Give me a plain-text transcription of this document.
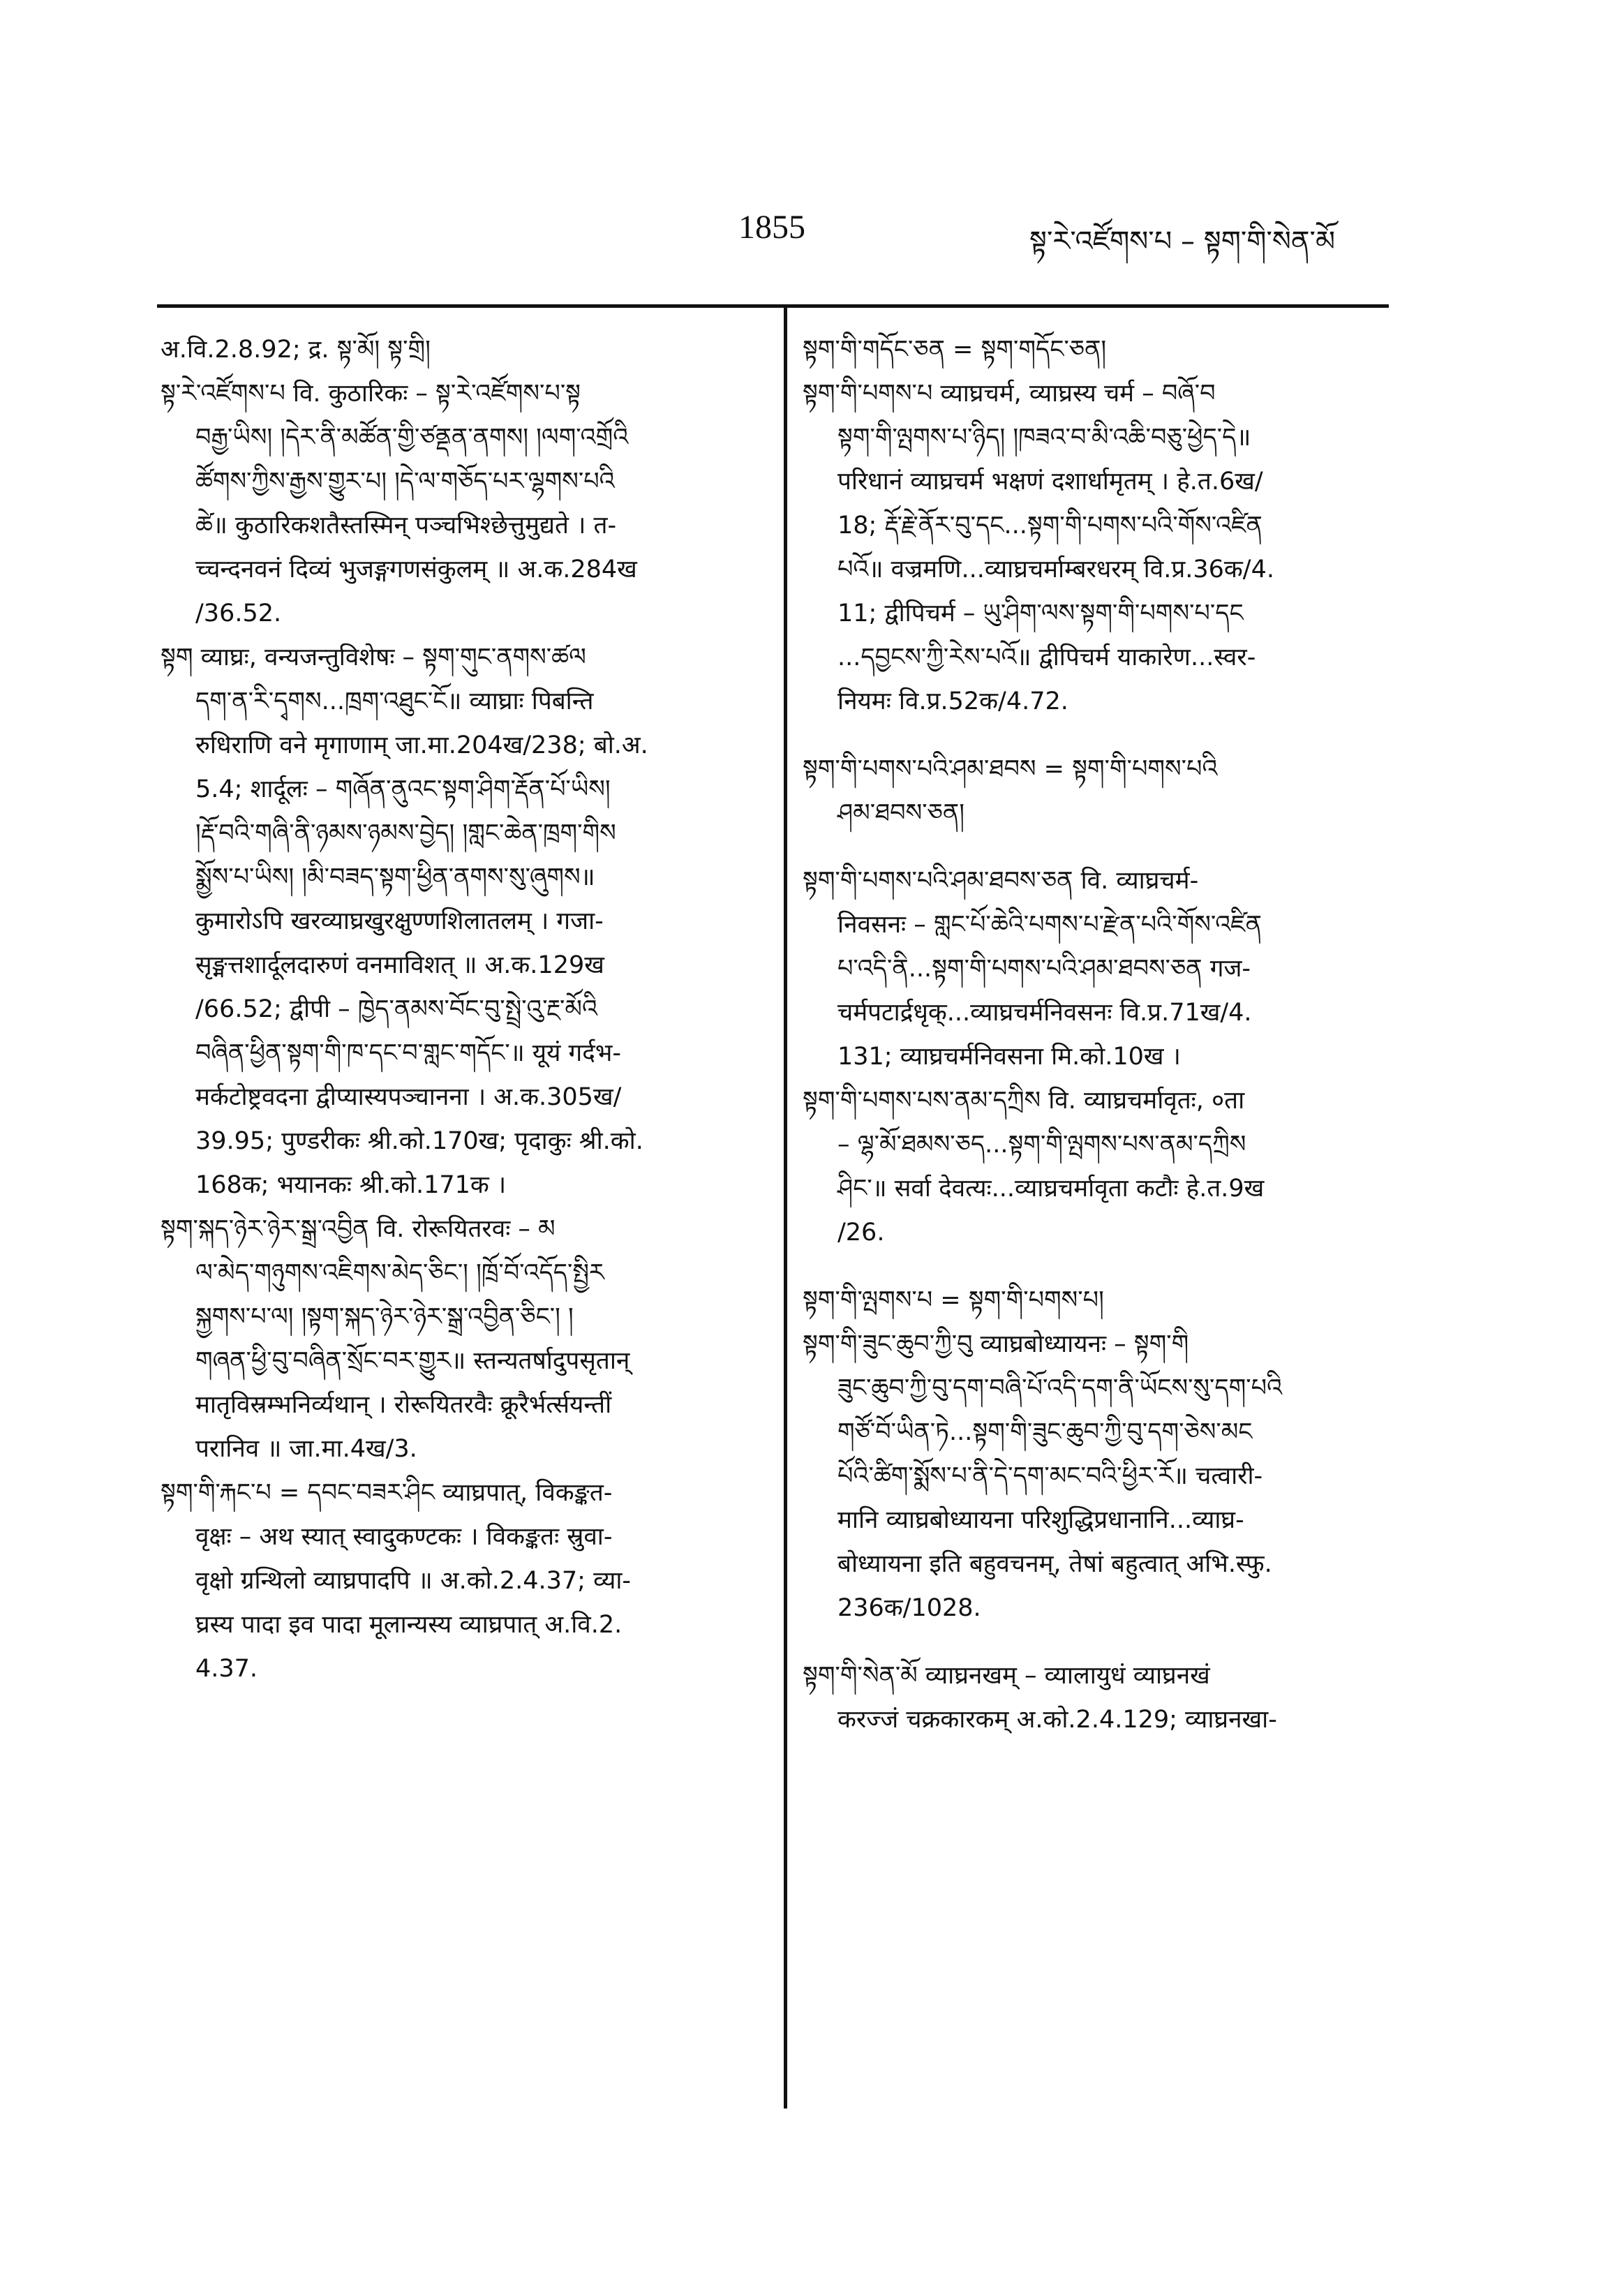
1855	སྟ་རེ་འཛོགས་པ – སྟག་གི་སེན་མོ
अ.वि.2.8.92; द्र. སྟ་མོ། སྟ་གྲི།
སྟ་རེ་འཛོགས་པ वि. कुठारिकः – སྟ་རེ་འཛོགས་པ་སྟ
བརྒྱ་ཡིས། །དེར་ནི་མཚོན་གྱི་ཙནྡན་ནགས། །ལག་འགྲོའི
ཚོགས་ཀྱིས་རྒྱས་གྱུར་པ། །དེ་ལ་གཅོད་པར་ལྷགས་པའི
ཚེ॥ कुठारिकशतैस्तस्मिन् पञ्चभिश्छेत्तुमुद्यते । त-
च्चन्दनवनं दिव्यं भुजङ्गगणसंकुलम् ॥ अ.क.284ख
/36.52.
སྟག व्याघ्रः, वन्यजन्तुविशेषः – སྟག་གུང་ནགས་ཚལ
དག་ན་རི་དྭགས...ཁྲག་འཐུང་ངོ॥ व्याघ्राः पिबन्ति
रुधिराणि वने मृगाणाम् जा.मा.204ख/238; बो.अ.
5.4; शार्दूलः – གཞོན་ནུའང་སྟག་ཤིག་རྡོན་པོ་ཡིས།
།རྡོ་བའི་གཞི་ནི་ཉམས་ཉམས་བྱེད། །གླང་ཆེན་ཁྲག་གིས
སྨྱོས་པ་ཡིས། །མི་བཟད་སྟག་ཕྱིན་ནགས་སུ་ཞུགས॥
कुमारोऽपि खरव्याघ्रखुरक्षुण्णशिलातलम् । गजा-
सृङ्मत्तशार्दूलदारुणं वनमाविशत् ॥ अ.क.129ख
/66.52; द्वीपी – ཁྱེད་ནམས་བོང་བུ་སྤྲེ་འུ་རྔ་མོའི
བཞིན་ཕྱིན་སྟག་གི་ཁ་དང་བ་གླང་གདོང་॥ यूयं गर्दभ-
मर्कटोष्ट्रवदना द्वीप्यास्यपञ्चानना । अ.क.305ख/
39.95; पुण्डरीकः श्री.को.170ख; पृदाकुः श्री.को.
168क; भयानकः श्री.को.171क ।
སྟག་སྐད་ཉེར་ཉེར་སྒྲ་འབྱིན वि. रोरूयितरवः – མ
ལ་མེད་གཉུགས་འཇིགས་མེད་ཅིང་། །ཁྲོ་བོ་འདོད་སྤྱིར
སྐྱགས་པ་ལ། །སྟག་སྐད་ཉེར་ཉེར་སྒྲ་འབྱིན་ཅིང་། །
གཞན་ཕྱི་བུ་བཞིན་སྲོང་བར་གྱུར॥ स्तन्यतर्षादुपसृतान्
मातृविस्रम्भनिर्व्यथान् । रोरूयितरवैः क्रूरैर्भर्त्सयन्तीं
परानिव ॥ जा.मा.4ख/3.
སྟག་གི་རྐང་པ = དབང་བཟར་ཤིང व्याघ्रपात्, विकङ्कत-
वृक्षः – अथ स्यात् स्वादुकण्टकः । विकङ्कतः स्रुवा-
वृक्षो ग्रन्थिलो व्याघ्रपादपि ॥ अ.को.2.4.37; व्या-
घ्रस्य पादा इव पादा मूलान्यस्य व्याघ्रपात् अ.वि.2.
4.37.
སྟག་གི་གདོང་ཅན = སྟག་གདོང་ཅན།
སྟག་གི་པགས་པ व्याघ्रचर्म, व्याघ्रस्य चर्म – བཞོ་བ
སྟག་གི་ལྤགས་པ་ཉིད། །ཁཟའ་བ་མི་འཆི་བཅུ་ཕྱེད་དེ॥
परिधानं व्याघ्रचर्म भक्षणं दशार्धामृतम् । हे.त.6ख/
18; རྡོ་རྗེ་ནོར་བུ་དང...སྟག་གི་པགས་པའི་གོས་འཛིན
པའོ॥ वज्रमणि...व्याघ्रचर्माम्बरधरम् वि.प्र.36क/4.
11; द्वीपिचर्म – ཡུ་ཤིག་ལས་སྟག་གི་པགས་པ་དང
...དབྱངས་ཀྱི་རེས་པའོ॥ द्वीपिचर्म याकारेण...स्वर-
नियमः वि.प्र.52क/4.72.
སྟག་གི་པགས་པའི་ཤམ་ཐབས = སྟག་གི་པགས་པའི
ཤམ་ཐབས་ཅན།
སྟག་གི་པགས་པའི་ཤམ་ཐབས་ཅན वि. व्याघ्रचर्म-
निवसनः – གླང་པོ་ཆེའི་པགས་པ་རྫེན་པའི་གོས་འཛིན
པ་འདི་ནི...སྟག་གི་པགས་པའི་ཤམ་ཐབས་ཅན गज-
चर्मपटार्द्रधृक्...व्याघ्रचर्मनिवसनः वि.प्र.71ख/4.
131; व्याघ्रचर्मनिवसना मि.को.10ख ।
སྟག་གི་པགས་པས་ནམ་དཀྲིས वि. व्याघ्रचर्मावृतः, ०ता
– ལྷ་མོ་ཐམས་ཅད...སྟག་གི་ལྤགས་པས་ནམ་དཀྲིས
ཤིང་॥ सर्वा देवत्यः...व्याघ्रचर्मावृता कटौः हे.त.9ख
/26.
སྟག་གི་ལྤགས་པ = སྟག་གི་པགས་པ།
སྟག་གི་ཟུང་ཆུབ་ཀྱི་བུ व्याघ्रबोध्यायनः – སྟག་གི
ཟུང་ཆུབ་ཀྱི་བུ་དག་བཞི་པོ་འདི་དག་ནི་ཡོངས་སུ་དག་པའི
གཙོ་བོ་ཡིན་ཏེ...སྟག་གི་ཟུང་ཆུབ་ཀྱི་བུ་དག་ཅེས་མང
པོའི་ཚིག་སྨོས་པ་ནི་དེ་དག་མང་བའི་ཕྱིར་རོ॥ चत्वारी-
मानि व्याघ्रबोध्यायना परिशुद्धिप्रधानानि...व्याघ्र-
बोध्यायना इति बहुवचनम्, तेषां बहुत्वात् अभि.स्फु.
236क/1028.
སྟག་གི་སེན་མོ व्याघ्रनखम् – व्यालायुधं व्याघ्रनखं
करज्जं चक्रकारकम् अ.को.2.4.129; व्याघ्रनखा-
